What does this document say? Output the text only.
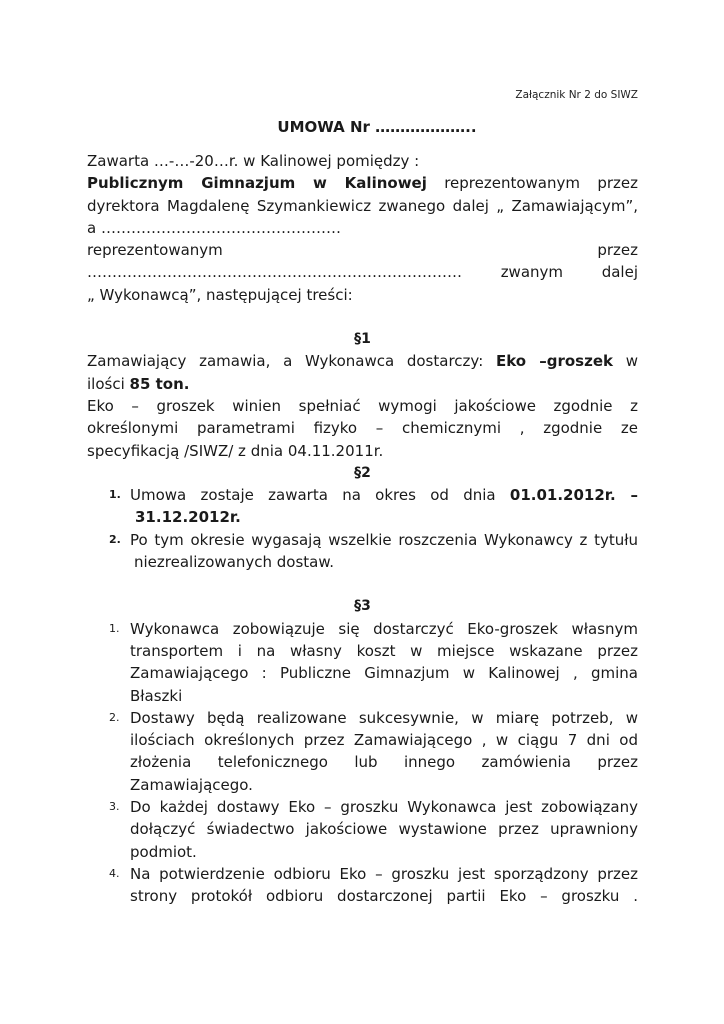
Załącznik Nr 2 do SIWZ
UMOWA Nr ………………..
Zawarta …-…-20…r. w Kalinowej pomiędzy :
Publicznym Gimnazjum w Kalinowej reprezentowanym przez
dyrektora Magdalenę Szymankiewicz zwanego dalej „ Zamawiającym”,
a …………………………………………
reprezentowanym	przez
…………………………………………………………………	zwanym	dalej
„ Wykonawcą”, następującej treści:
§1
Zamawiający zamawia, a Wykonawca dostarczy: Eko –groszek w
ilości 85 ton.
Eko – groszek winien spełniać wymogi jakościowe zgodnie z
określonymi parametrami fizyko – chemicznymi , zgodnie ze
specyfikacją /SIWZ/ z dnia 04.11.2011r.
§2
1. Umowa zostaje zawarta na okres od dnia 01.01.2012r. –
31.12.2012r.
2. Po tym okresie wygasają wszelkie roszczenia Wykonawcy z tytułu
niezrealizowanych dostaw.
§3
1. Wykonawca zobowiązuje się dostarczyć Eko-groszek własnym
transportem i na własny koszt w miejsce wskazane przez
Zamawiającego : Publiczne Gimnazjum w Kalinowej , gmina
Błaszki
2. Dostawy będą realizowane sukcesywnie, w miarę potrzeb, w
ilościach określonych przez Zamawiającego , w ciągu 7 dni od
złożenia telefonicznego lub innego zamówienia przez
Zamawiającego.
3. Do każdej dostawy Eko – groszku Wykonawca jest zobowiązany
dołączyć świadectwo jakościowe wystawione przez uprawniony
podmiot.
4. Na potwierdzenie odbioru Eko – groszku jest sporządzony przez
strony protokół odbioru dostarczonej partii Eko – groszku .
